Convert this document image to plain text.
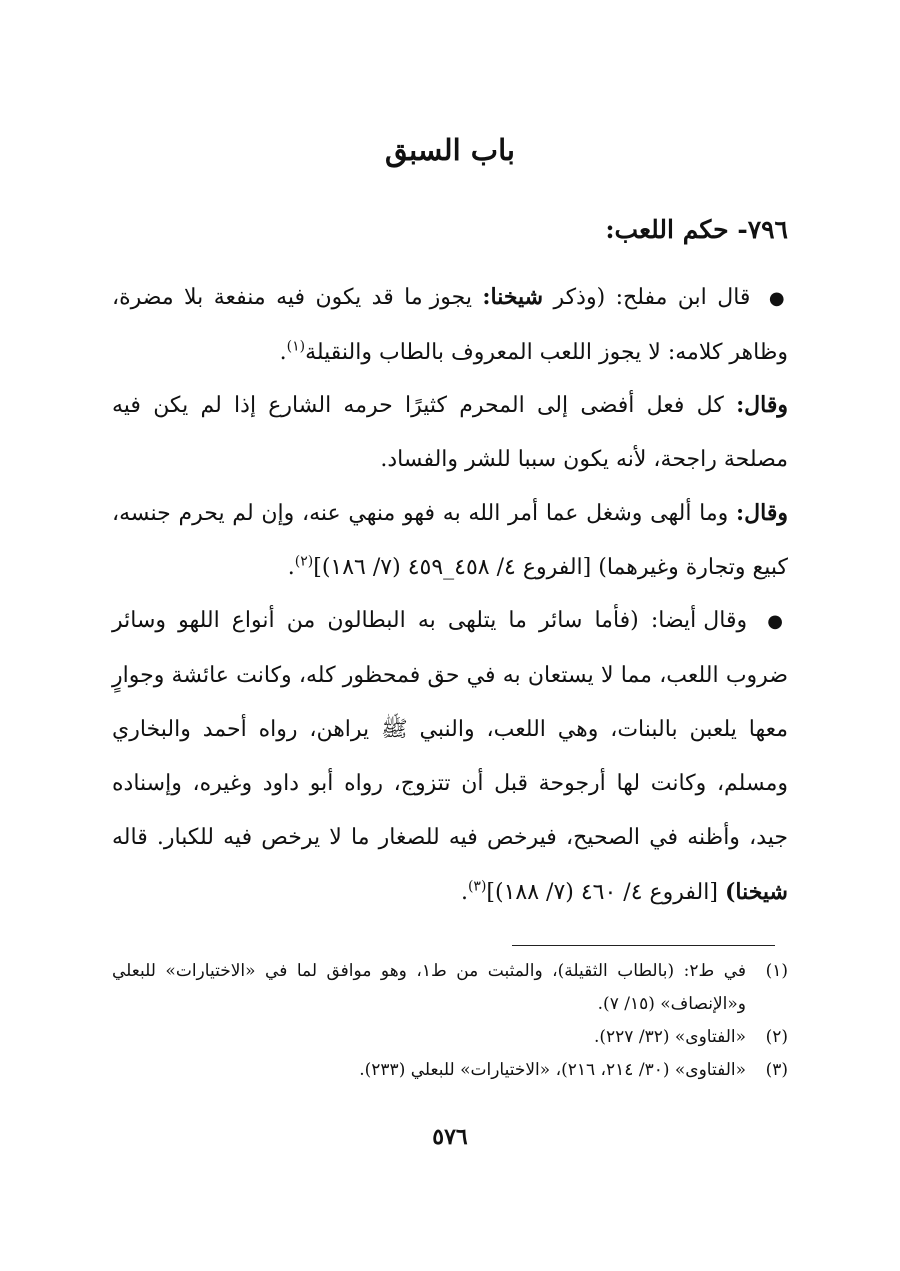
باب السبق
٧٩٦- حكم اللعب:
● قال ابن مفلح: (وذكر شيخنا: يجوز ما قد يكون فيه منفعة بلا مضرة، وظاهر كلامه: لا يجوز اللعب المعروف بالطاب والنقيلة$^{(١)}$.
وقال: كل فعل أفضى إلى المحرم كثيرًا حرمه الشارع إذا لم يكن فيه مصلحة راجحة، لأنه يكون سببا للشر والفساد.
وقال: وما ألهى وشغل عما أمر الله به فهو منهي عنه، وإن لم يحرم جنسه، كبيع وتجارة وغيرهما) [الفروع ٤/ ٤٥٨_٤٥٩ (٧/ ١٨٦)]$^{(٢)}$.
● وقال أيضا: (فأما سائر ما يتلهى به البطالون من أنواع اللهو وسائر ضروب اللعب، مما لا يستعان به في حق فمحظور كله، وكانت عائشة وجوارٍ معها يلعبن بالبنات، وهي اللعب، والنبي ﷺ يراهن، رواه أحمد والبخاري ومسلم، وكانت لها أرجوحة قبل أن تتزوج، رواه أبو داود وغيره، وإسناده جيد، وأظنه في الصحيح، فيرخص فيه للصغار ما لا يرخص فيه للكبار. قاله شيخنا) [الفروع ٤/ ٤٦٠ (٧/ ١٨٨)]$^{(٣)}$.
(١)
في ط٢: (بالطاب الثقيلة)، والمثبت من ط١، وهو موافق لما في «الاختيارات» للبعلي و«الإنصاف» (١٥/ ٧).
(٢)
«الفتاوى» (٣٢/ ٢٢٧).
(٣)
«الفتاوى» (٣٠/ ٢١٤، ٢١٦)، «الاختيارات» للبعلي (٢٣٣).
٥٧٦
